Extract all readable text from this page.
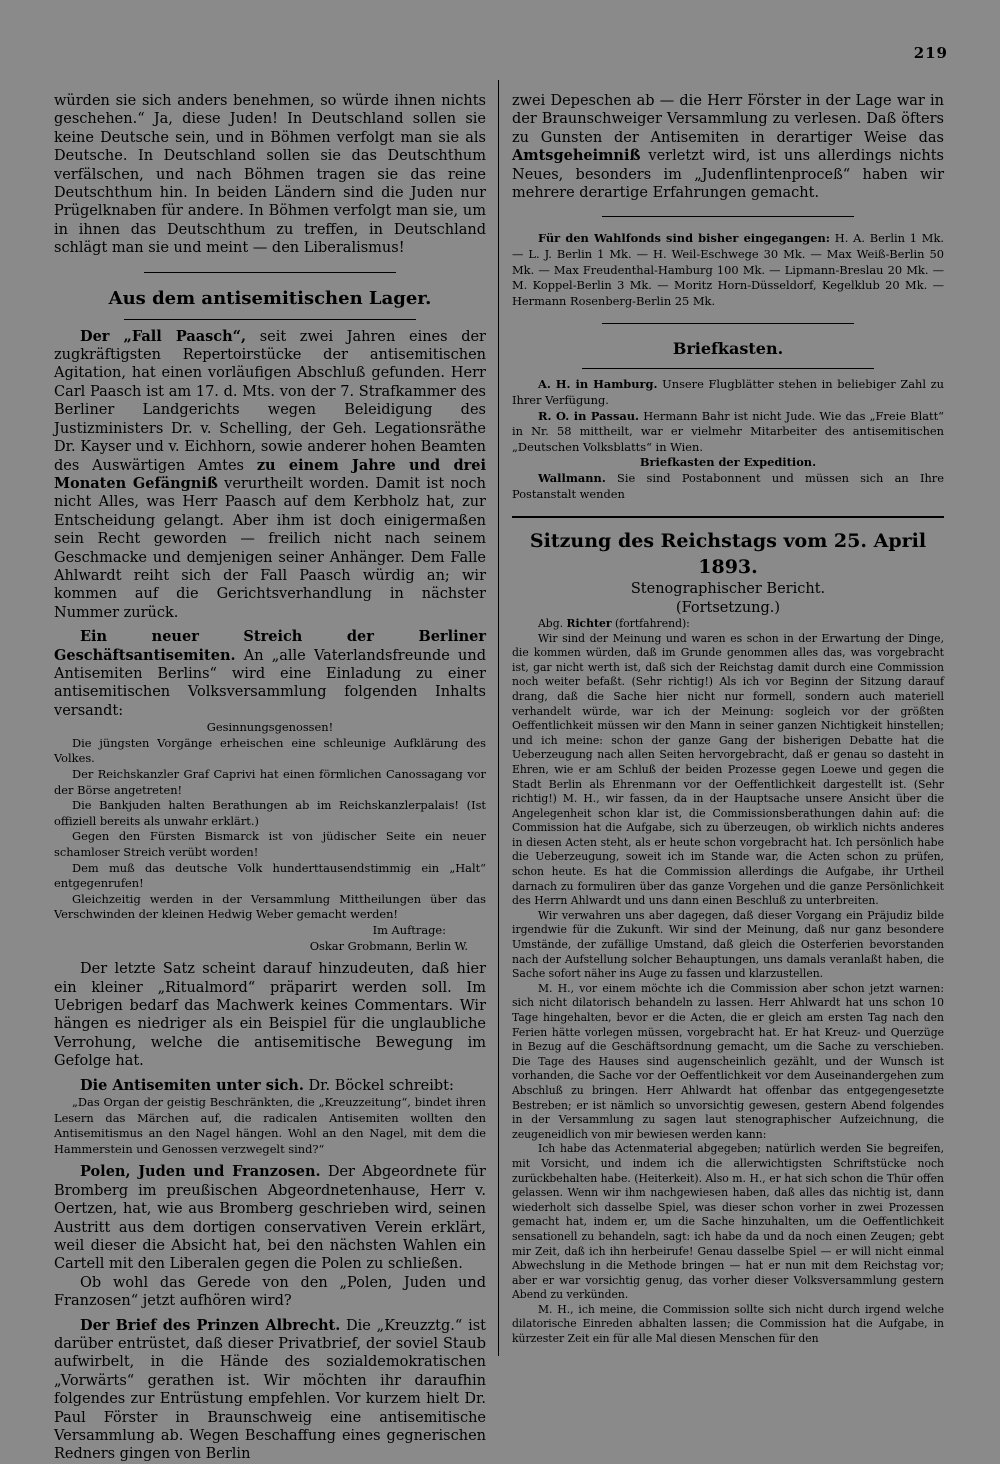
219

würden sie sich anders benehmen, so würde ihnen nichts geschehen.“ Ja, diese Juden! In Deutschland sollen sie keine Deutsche sein, und in Böhmen verfolgt man sie als Deutsche. In Deutschland sollen sie das Deutschthum verfälschen, und nach Böhmen tragen sie das reine Deutschthum hin. In beiden Ländern sind die Juden nur Prügelknaben für andere. In Böhmen verfolgt man sie, um in ihnen das Deutschthum zu treffen, in Deutschland schlägt man sie und meint — den Liberalismus!

Aus dem antisemitischen Lager.

Der „Fall Paasch“, seit zwei Jahren eines der zugkräftigsten Repertoirstücke der antisemitischen Agitation, hat einen vorläufigen Abschluß gefunden. Herr Carl Paasch ist am 17. d. Mts. von der 7. Strafkammer des Berliner Landgerichts wegen Beleidigung des Justizministers Dr. v. Schelling, der Geh. Legationsräthe Dr. Kayser und v. Eichhorn, sowie anderer hohen Beamten des Auswärtigen Amtes zu einem Jahre und drei Monaten Gefängniß verurtheilt worden. Damit ist noch nicht Alles, was Herr Paasch auf dem Kerbholz hat, zur Entscheidung gelangt. Aber ihm ist doch einigermaßen sein Recht geworden — freilich nicht nach seinem Geschmacke und demjenigen seiner Anhänger. Dem Falle Ahlwardt reiht sich der Fall Paasch würdig an; wir kommen auf die Gerichtsverhandlung in nächster Nummer zurück.

Ein neuer Streich der Berliner Geschäftsantisemiten. An „alle Vaterlandsfreunde und Antisemiten Berlins“ wird eine Einladung zu einer antisemitischen Volksversammlung folgenden Inhalts versandt:

Gesinnungsgenossen!

Die jüngsten Vorgänge erheischen eine schleunige Aufklärung des Volkes.

Der Reichskanzler Graf Caprivi hat einen förmlichen Canossagang vor der Börse angetreten!

Die Bankjuden halten Berathungen ab im Reichskanzlerpalais! (Ist offiziell bereits als unwahr erklärt.)

Gegen den Fürsten Bismarck ist von jüdischer Seite ein neuer schamloser Streich verübt worden!

Dem muß das deutsche Volk hunderttausendstimmig ein „Halt“ entgegenrufen!

Gleichzeitig werden in der Versammlung Mittheilungen über das Verschwinden der kleinen Hedwig Weber gemacht werden!

Im Auftrage:

Oskar Grobmann, Berlin W.

Der letzte Satz scheint darauf hinzudeuten, daß hier ein kleiner „Ritualmord“ präparirt werden soll. Im Uebrigen bedarf das Machwerk keines Commentars. Wir hängen es niedriger als ein Beispiel für die unglaubliche Verrohung, welche die antisemitische Bewegung im Gefolge hat.

Die Antisemiten unter sich. Dr. Böckel schreibt:

„Das Organ der geistig Beschränkten, die „Kreuzzeitung“, bindet ihren Lesern das Märchen auf, die radicalen Antisemiten wollten den Antisemitismus an den Nagel hängen. Wohl an den Nagel, mit dem die Hammerstein und Genossen verzwegelt sind?“

Polen, Juden und Franzosen. Der Abgeordnete für Bromberg im preußischen Abgeordnetenhause, Herr v. Oertzen, hat, wie aus Bromberg geschrieben wird, seinen Austritt aus dem dortigen conservativen Verein erklärt, weil dieser die Absicht hat, bei den nächsten Wahlen ein Cartell mit den Liberalen gegen die Polen zu schließen.

Ob wohl das Gerede von den „Polen, Juden und Franzosen“ jetzt aufhören wird?

Der Brief des Prinzen Albrecht. Die „Kreuzztg.“ ist darüber entrüstet, daß dieser Privatbrief, der soviel Staub aufwirbelt, in die Hände des sozialdemokratischen „Vorwärts“ gerathen ist. Wir möchten ihr daraufhin folgendes zur Entrüstung empfehlen. Vor kurzem hielt Dr. Paul Förster in Braunschweig eine antisemitische Versammlung ab. Wegen Beschaffung eines gegnerischen Redners gingen von Berlin

zwei Depeschen ab — die Herr Förster in der Lage war in der Braunschweiger Versammlung zu verlesen. Daß öfters zu Gunsten der Antisemiten in derartiger Weise das Amtsgeheimniß verletzt wird, ist uns allerdings nichts Neues, besonders im „Judenflintenproceß“ haben wir mehrere derartige Erfahrungen gemacht.

Für den Wahlfonds sind bisher eingegangen: H. A. Berlin 1 Mk. — L. J. Berlin 1 Mk. — H. Weil-Eschwege 30 Mk. — Max Weiß-Berlin 50 Mk. — Max Freudenthal-Hamburg 100 Mk. — Lipmann-Breslau 20 Mk. — M. Koppel-Berlin 3 Mk. — Moritz Horn-Düsseldorf, Kegelklub 20 Mk. — Hermann Rosenberg-Berlin 25 Mk.

Briefkasten.

A. H. in Hamburg. Unsere Flugblätter stehen in beliebiger Zahl zu Ihrer Verfügung.

R. O. in Passau. Hermann Bahr ist nicht Jude. Wie das „Freie Blatt“ in Nr. 58 mittheilt, war er vielmehr Mitarbeiter des antisemitischen „Deutschen Volksblatts“ in Wien.

Briefkasten der Expedition.

Wallmann. Sie sind Postabonnent und müssen sich an Ihre Postanstalt wenden

Sitzung des Reichstags vom 25. April 1893.

Stenographischer Bericht.

(Fortsetzung.)

Abg. Richter (fortfahrend):

Wir sind der Meinung und waren es schon in der Erwartung der Dinge, die kommen würden, daß im Grunde genommen alles das, was vorgebracht ist, gar nicht werth ist, daß sich der Reichstag damit durch eine Commission noch weiter befaßt. (Sehr richtig!) Als ich vor Beginn der Sitzung darauf drang, daß die Sache hier nicht nur formell, sondern auch materiell verhandelt würde, war ich der Meinung: sogleich vor der größten Oeffentlichkeit müssen wir den Mann in seiner ganzen Nichtigkeit hinstellen; und ich meine: schon der ganze Gang der bisherigen Debatte hat die Ueberzeugung nach allen Seiten hervorgebracht, daß er genau so dasteht in Ehren, wie er am Schluß der beiden Prozesse gegen Loewe und gegen die Stadt Berlin als Ehrenmann vor der Oeffentlichkeit dargestellt ist. (Sehr richtig!) M. H., wir fassen, da in der Hauptsache unsere Ansicht über die Angelegenheit schon klar ist, die Commissionsberathungen dahin auf: die Commission hat die Aufgabe, sich zu überzeugen, ob wirklich nichts anderes in diesen Acten steht, als er heute schon vorgebracht hat. Ich persönlich habe die Ueberzeugung, soweit ich im Stande war, die Acten schon zu prüfen, schon heute. Es hat die Commission allerdings die Aufgabe, ihr Urtheil darnach zu formuliren über das ganze Vorgehen und die ganze Persönlichkeit des Herrn Ahlwardt und uns dann einen Beschluß zu unterbreiten.

Wir verwahren uns aber dagegen, daß dieser Vorgang ein Präjudiz bilde irgendwie für die Zukunft. Wir sind der Meinung, daß nur ganz besondere Umstände, der zufällige Umstand, daß gleich die Osterferien bevorstanden nach der Aufstellung solcher Behauptungen, uns damals veranlaßt haben, die Sache sofort näher ins Auge zu fassen und klarzustellen.

M. H., vor einem möchte ich die Commission aber schon jetzt warnen: sich nicht dilatorisch behandeln zu lassen. Herr Ahlwardt hat uns schon 10 Tage hingehalten, bevor er die Acten, die er gleich am ersten Tag nach den Ferien hätte vorlegen müssen, vorgebracht hat. Er hat Kreuz- und Querzüge in Bezug auf die Geschäftsordnung gemacht, um die Sache zu verschieben. Die Tage des Hauses sind augenscheinlich gezählt, und der Wunsch ist vorhanden, die Sache vor der Oeffentlichkeit vor dem Auseinandergehen zum Abschluß zu bringen. Herr Ahlwardt hat offenbar das entgegengesetzte Bestreben; er ist nämlich so unvorsichtig gewesen, gestern Abend folgendes in der Versammlung zu sagen laut stenographischer Aufzeichnung, die zeugeneidlich von mir bewiesen werden kann:

Ich habe das Actenmaterial abgegeben; natürlich werden Sie begreifen, mit Vorsicht, und indem ich die allerwichtigsten Schriftstücke noch zurückbehalten habe. (Heiterkeit). Also m. H., er hat sich schon die Thür offen gelassen. Wenn wir ihm nachgewiesen haben, daß alles das nichtig ist, dann wiederholt sich dasselbe Spiel, was dieser schon vorher in zwei Prozessen gemacht hat, indem er, um die Sache hinzuhalten, um die Oeffentlichkeit sensationell zu behandeln, sagt: ich habe da und da noch einen Zeugen; gebt mir Zeit, daß ich ihn herbeirufe! Genau dasselbe Spiel — er will nicht einmal Abwechslung in die Methode bringen — hat er nun mit dem Reichstag vor; aber er war vorsichtig genug, das vorher dieser Volksversammlung gestern Abend zu verkünden.

M. H., ich meine, die Commission sollte sich nicht durch irgend welche dilatorische Einreden abhalten lassen; die Commission hat die Aufgabe, in kürzester Zeit ein für alle Mal diesen Menschen für den
